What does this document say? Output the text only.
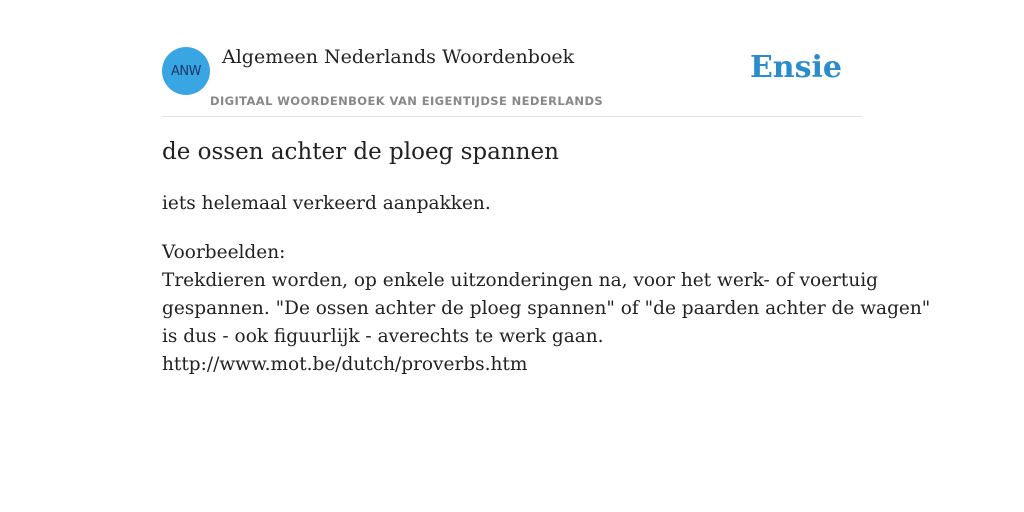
ANW
Algemeen Nederlands Woordenboek
DIGITAAL WOORDENBOEK VAN EIGENTIJDSE NEDERLANDS
Ensie
de ossen achter de ploeg spannen

iets helemaal verkeerd aanpakken.

Voorbeelden:
Trekdieren worden, op enkele uitzonderingen na, voor het werk- of voertuig
gespannen. "De ossen achter de ploeg spannen" of "de paarden achter de wagen"
is dus - ook figuurlijk - averechts te werk gaan.
http://www.mot.be/dutch/proverbs.htm
